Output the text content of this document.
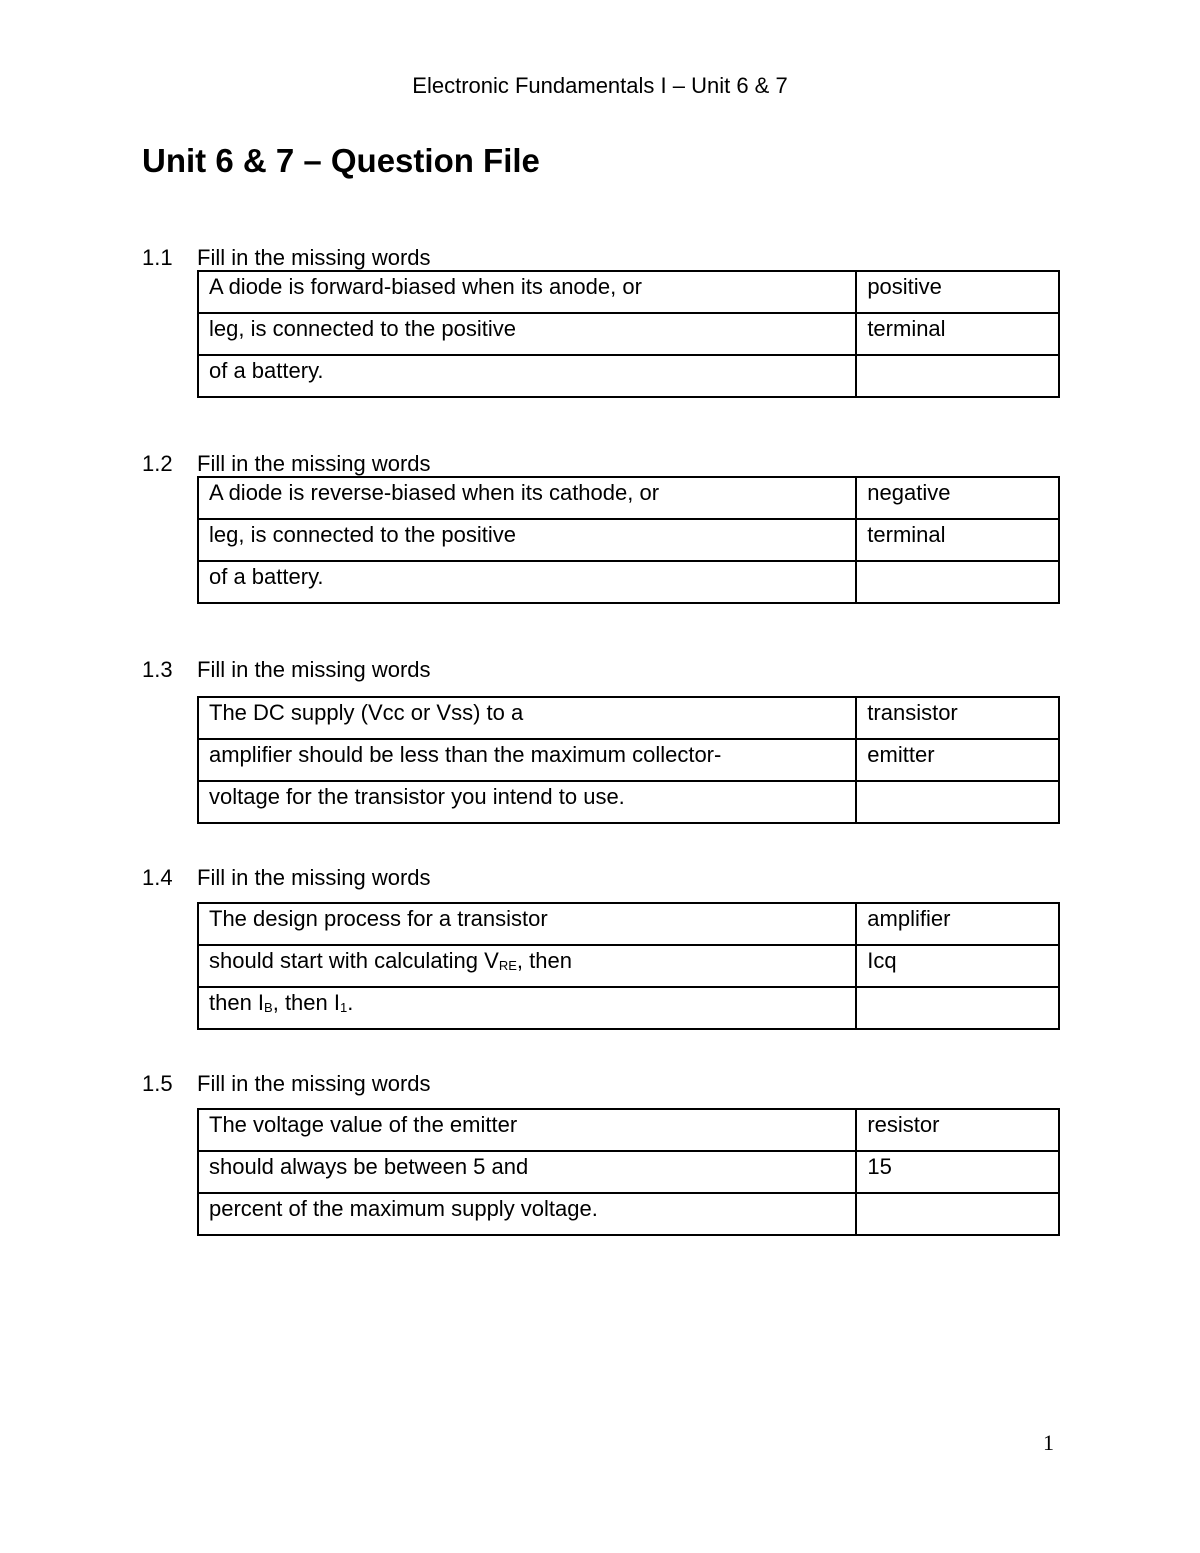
Electronic Fundamentals I – Unit 6 & 7
Unit 6 & 7 – Question File
1.1 Fill in the missing words
A diode is forward-biased when its anode, or	positive
leg, is connected to the positive	terminal
of a battery.	
1.2 Fill in the missing words
A diode is reverse-biased when its cathode, or	negative
leg, is connected to the positive	terminal
of a battery.	
1.3 Fill in the missing words
The DC supply (Vcc or Vss) to a	transistor
amplifier should be less than the maximum collector-	emitter
voltage for the transistor you intend to use.	
1.4 Fill in the missing words
The design process for a transistor	amplifier
should start with calculating $V_{RE}$, then	Icq
then $I_B$, then $I_1$.	
1.5 Fill in the missing words
The voltage value of the emitter	resistor
should always be between 5 and	15
percent of the maximum supply voltage.	
1
